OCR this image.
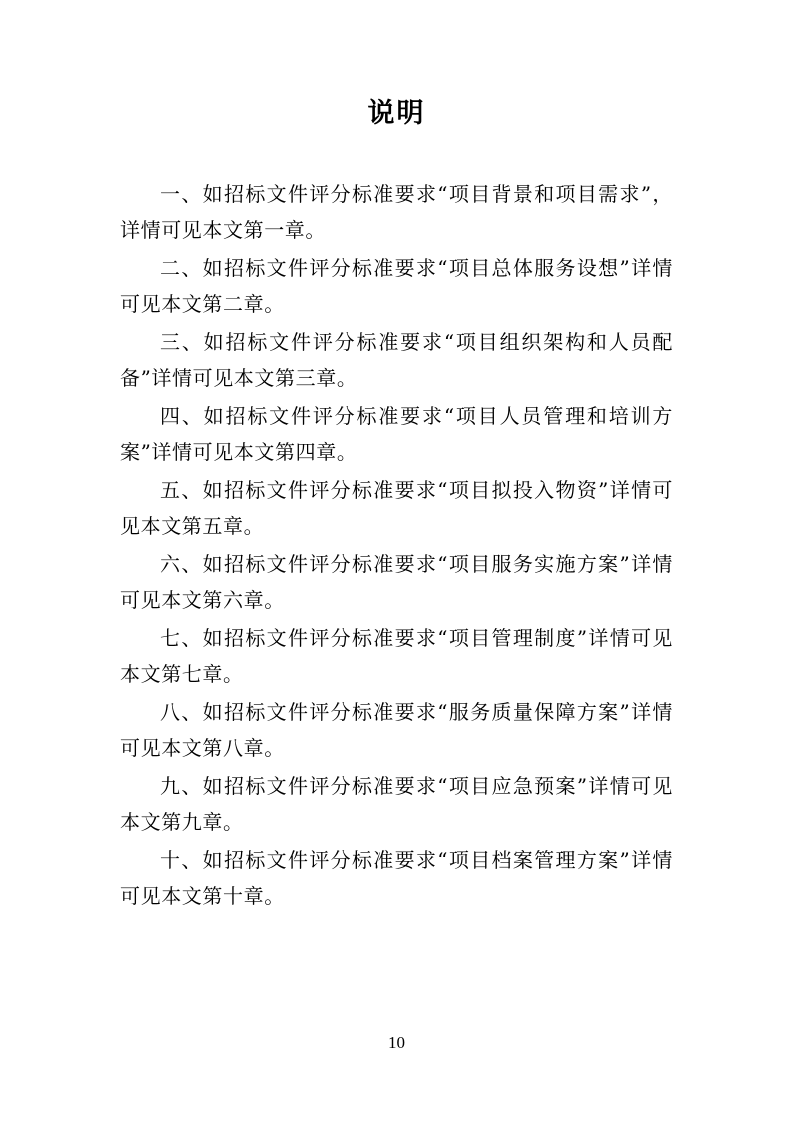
说明

一、如招标文件评分标准要求“项目背景和项目需求”，详情可见本文第一章。

二、如招标文件评分标准要求“项目总体服务设想”详情可见本文第二章。

三、如招标文件评分标准要求“项目组织架构和人员配备”详情可见本文第三章。

四、如招标文件评分标准要求“项目人员管理和培训方案”详情可见本文第四章。

五、如招标文件评分标准要求“项目拟投入物资”详情可见本文第五章。

六、如招标文件评分标准要求“项目服务实施方案”详情可见本文第六章。

七、如招标文件评分标准要求“项目管理制度”详情可见本文第七章。

八、如招标文件评分标准要求“服务质量保障方案”详情可见本文第八章。

九、如招标文件评分标准要求“项目应急预案”详情可见本文第九章。

十、如招标文件评分标准要求“项目档案管理方案”详情可见本文第十章。

10
